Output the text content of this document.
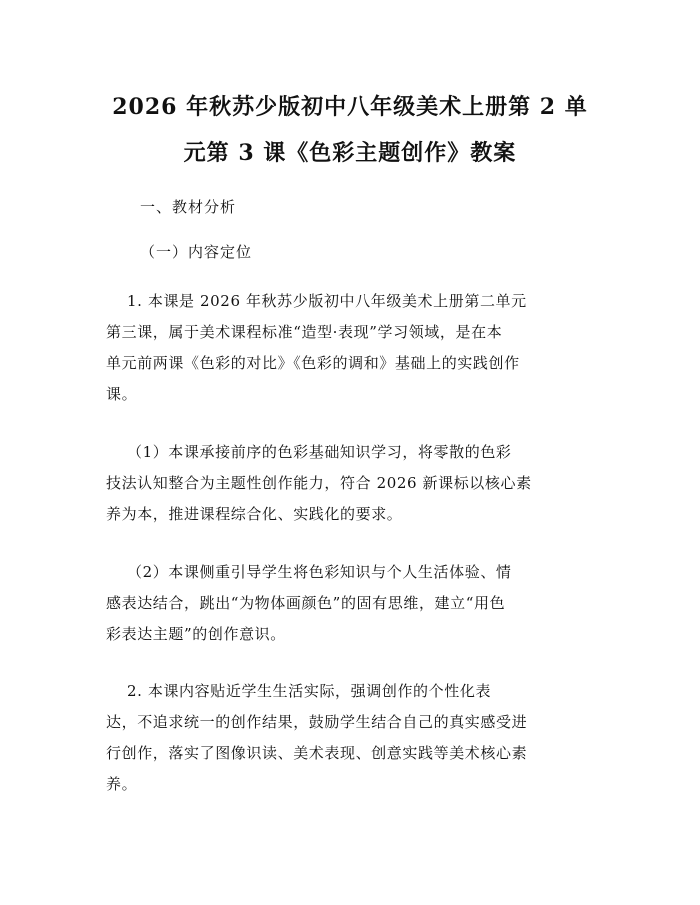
2026 年秋苏少版初中八年级美术上册第 2 单
元第 3 课《色彩主题创作》教案
一、教材分析
（一）内容定位
　 1. 本课是 2026 年秋苏少版初中八年级美术上册第二单元
第三课，属于美术课程标准“造型·表现”学习领域，是在本
单元前两课《色彩的对比》《色彩的调和》基础上的实践创作
课。
　 （1）本课承接前序的色彩基础知识学习，将零散的色彩
技法认知整合为主题性创作能力，符合 2026 新课标以核心素
养为本，推进课程综合化、实践化的要求。
　 （2）本课侧重引导学生将色彩知识与个人生活体验、情
感表达结合，跳出“为物体画颜色”的固有思维，建立“用色
彩表达主题”的创作意识。
　 2. 本课内容贴近学生生活实际，强调创作的个性化表
达，不追求统一的创作结果，鼓励学生结合自己的真实感受进
行创作，落实了图像识读、美术表现、创意实践等美术核心素
养。
